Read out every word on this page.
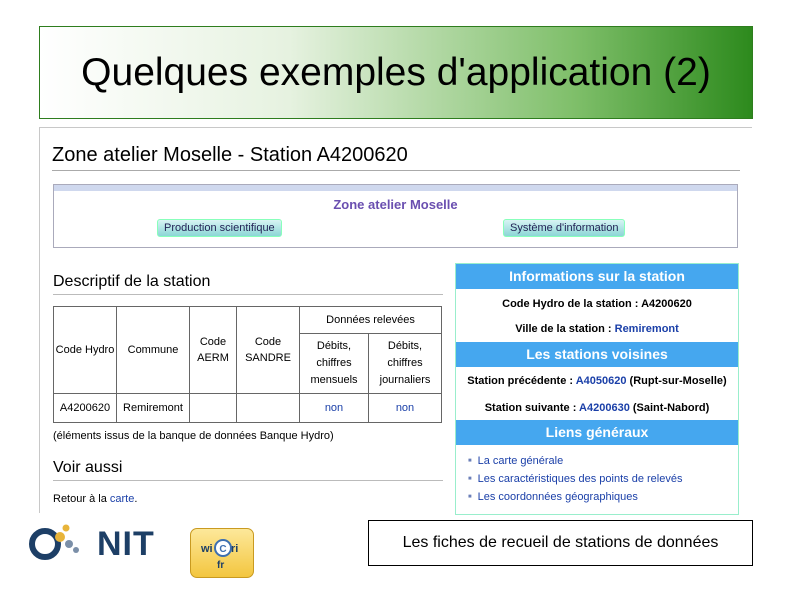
Quelques exemples d'application (2)
Zone atelier Moselle - Station A4200620
Zone atelier Moselle
Production scientifique	Système d'information
Descriptif de la station
Code Hydro	Commune	Code AERM	Code SANDRE	Données relevées	
				Débits, chiffres mensuels	Débits, chiffres journaliers
A4200620	Remiremont			non	non
(éléments issus de la banque de données Banque Hydro)
Voir aussi
Retour à la carte.
Informations sur la station
Code Hydro de la station : A4200620
Ville de la station : Remiremont
Les stations voisines
Station précédente : A4050620 (Rupt-sur-Moselle)
Station suivante : A4200630 (Saint-Nabord)
Liens généraux
■ La carte générale
■ Les caractéristiques des points de relevés
■ Les coordonnées géographiques
NIT	wi C ri
fr
Les fiches de recueil de stations de données
